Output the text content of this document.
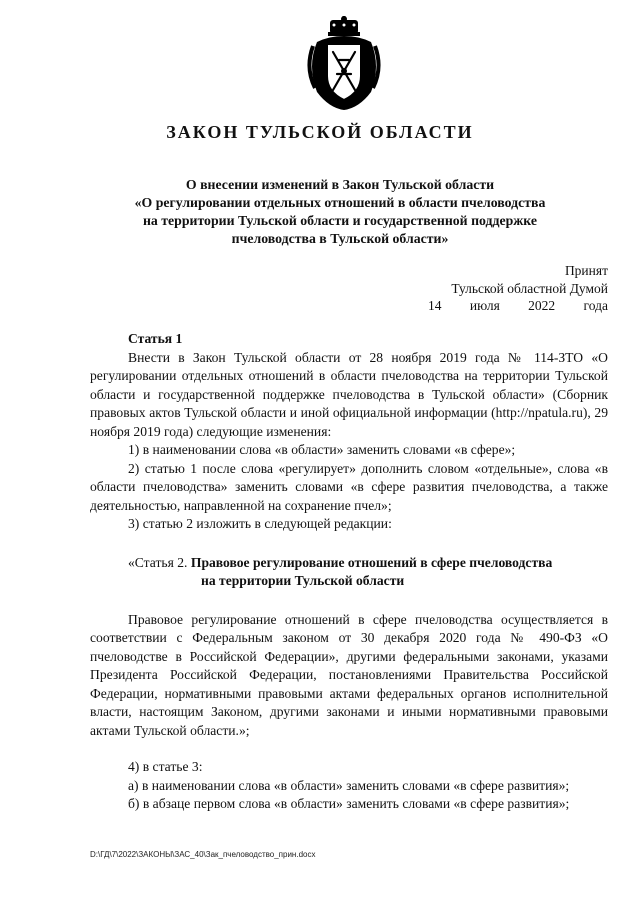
ЗАКОН ТУЛЬСКОЙ ОБЛАСТИ
О внесении изменений в Закон Тульской области
«О регулировании отдельных отношений в области пчеловодства
на территории Тульской области и государственной поддержке
пчеловодства в Тульской области»
Принят
Тульской областной Думой
14 июля 2022 года

Статья 1

Внести в Закон Тульской области от 28 ноября 2019 года № 114-ЗТО «О регулировании отдельных отношений в области пчеловодства на территории Тульской области и государственной поддержке пчеловодства в Тульской области» (Сборник правовых актов Тульской области и иной официальной информации (http://npatula.ru), 29 ноября 2019 года) следующие изменения:

1) в наименовании слова «в области» заменить словами «в сфере»;

2) статью 1 после слова «регулирует» дополнить словом «отдельные», слова «в области пчеловодства» заменить словами «в сфере развития пчеловодства, а также деятельностью, направленной на сохранение пчел»;

3) статью 2 изложить в следующей редакции:

«Статья 2. Правовое регулирование отношений в сфере пчеловодства

на территории Тульской области

Правовое регулирование отношений в сфере пчеловодства осуществляется в соответствии с Федеральным законом от 30 декабря 2020 года № 490-ФЗ «О пчеловодстве в Российской Федерации», другими федеральными законами, указами Президента Российской Федерации, постановлениями Правительства Российской Федерации, нормативными правовыми актами федеральных органов исполнительной власти, настоящим Законом, другими законами и иными нормативными правовыми актами Тульской области.»;

4) в статье 3:

а) в наименовании слова «в области» заменить словами «в сфере развития»;

б) в абзаце первом слова «в области» заменить словами «в сфере развития»;

D:\ГД\7\2022\ЗАКОНЫ\ЗАС_40\Зак_пчеловодство_прин.docx
